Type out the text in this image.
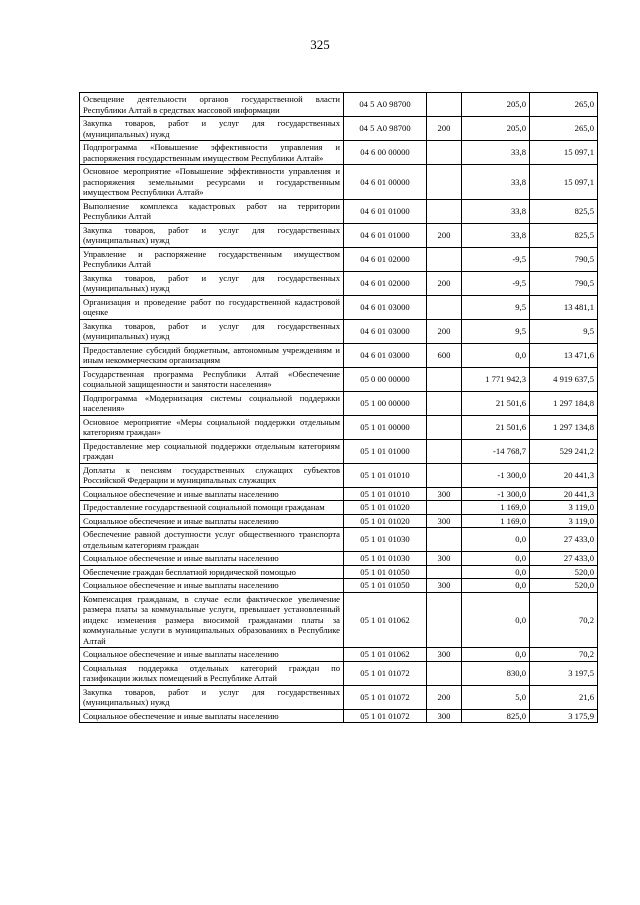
325
Освещение деятельности органов государственной власти Республики Алтай в средствах массовой информации	04 5 А0 98700		205,0	265,0
Закупка товаров, работ и услуг для государственных (муниципальных) нужд	04 5 А0 98700	200	205,0	265,0
Подпрограмма «Повышение эффективности управления и распоряжения государственным имуществом Республики Алтай»	04 6 00 00000		33,8	15 097,1
Основное мероприятие «Повышение эффективности управления и распоряжения земельными ресурсами и государственным имуществом Республики Алтай»	04 6 01 00000		33,8	15 097,1
Выполнение комплекса кадастровых работ на территории Республики Алтай	04 6 01 01000		33,8	825,5
Закупка товаров, работ и услуг для государственных (муниципальных) нужд	04 6 01 01000	200	33,8	825,5
Управление и распоряжение государственным имуществом Республики Алтай	04 6 01 02000		-9,5	790,5
Закупка товаров, работ и услуг для государственных (муниципальных) нужд	04 6 01 02000	200	-9,5	790,5
Организация и проведение работ по государственной кадастровой оценке	04 6 01 03000		9,5	13 481,1
Закупка товаров, работ и услуг для государственных (муниципальных) нужд	04 6 01 03000	200	9,5	9,5
Предоставление субсидий бюджетным, автономным учреждениям и иным некоммерческим организациям	04 6 01 03000	600	0,0	13 471,6
Государственная программа Республики Алтай «Обеспечение социальной защищенности и занятости населения»	05 0 00 00000		1 771 942,3	4 919 637,5
Подпрограмма «Модернизация системы социальной поддержки населения»	05 1 00 00000		21 501,6	1 297 184,8
Основное мероприятие «Меры социальной поддержки отдельным категориям граждан»	05 1 01 00000		21 501,6	1 297 134,8
Предоставление мер социальной поддержки отдельным категориям граждан	05 1 01 01000		-14 768,7	529 241,2
Доплаты к пенсиям государственных служащих субъектов Российской Федерации и муниципальных служащих	05 1 01 01010		-1 300,0	20 441,3
Социальное обеспечение и иные выплаты населению	05 1 01 01010	300	-1 300,0	20 441,3
Предоставление государственной социальной помощи гражданам	05 1 01 01020		1 169,0	3 119,0
Социальное обеспечение и иные выплаты населению	05 1 01 01020	300	1 169,0	3 119,0
Обеспечение равной доступности услуг общественного транспорта отдельным категориям граждан	05 1 01 01030		0,0	27 433,0
Социальное обеспечение и иные выплаты населению	05 1 01 01030	300	0,0	27 433,0
Обеспечение граждан бесплатной юридической помощью	05 1 01 01050		0,0	520,0
Социальное обеспечение и иные выплаты населению	05 1 01 01050	300	0,0	520,0
Компенсация гражданам, в случае если фактическое увеличение размера платы за коммунальные услуги, превышает установленный индекс изменения размера вносимой гражданами платы за коммунальные услуги в муниципальных образованиях в Республике Алтай	05 1 01 01062		0,0	70,2
Социальное обеспечение и иные выплаты населению	05 1 01 01062	300	0,0	70,2
Социальная поддержка отдельных категорий граждан по газификации жилых помещений в Республике Алтай	05 1 01 01072		830,0	3 197,5
Закупка товаров, работ и услуг для государственных (муниципальных) нужд	05 1 01 01072	200	5,0	21,6
Социальное обеспечение и иные выплаты населению	05 1 01 01072	300	825,0	3 175,9
